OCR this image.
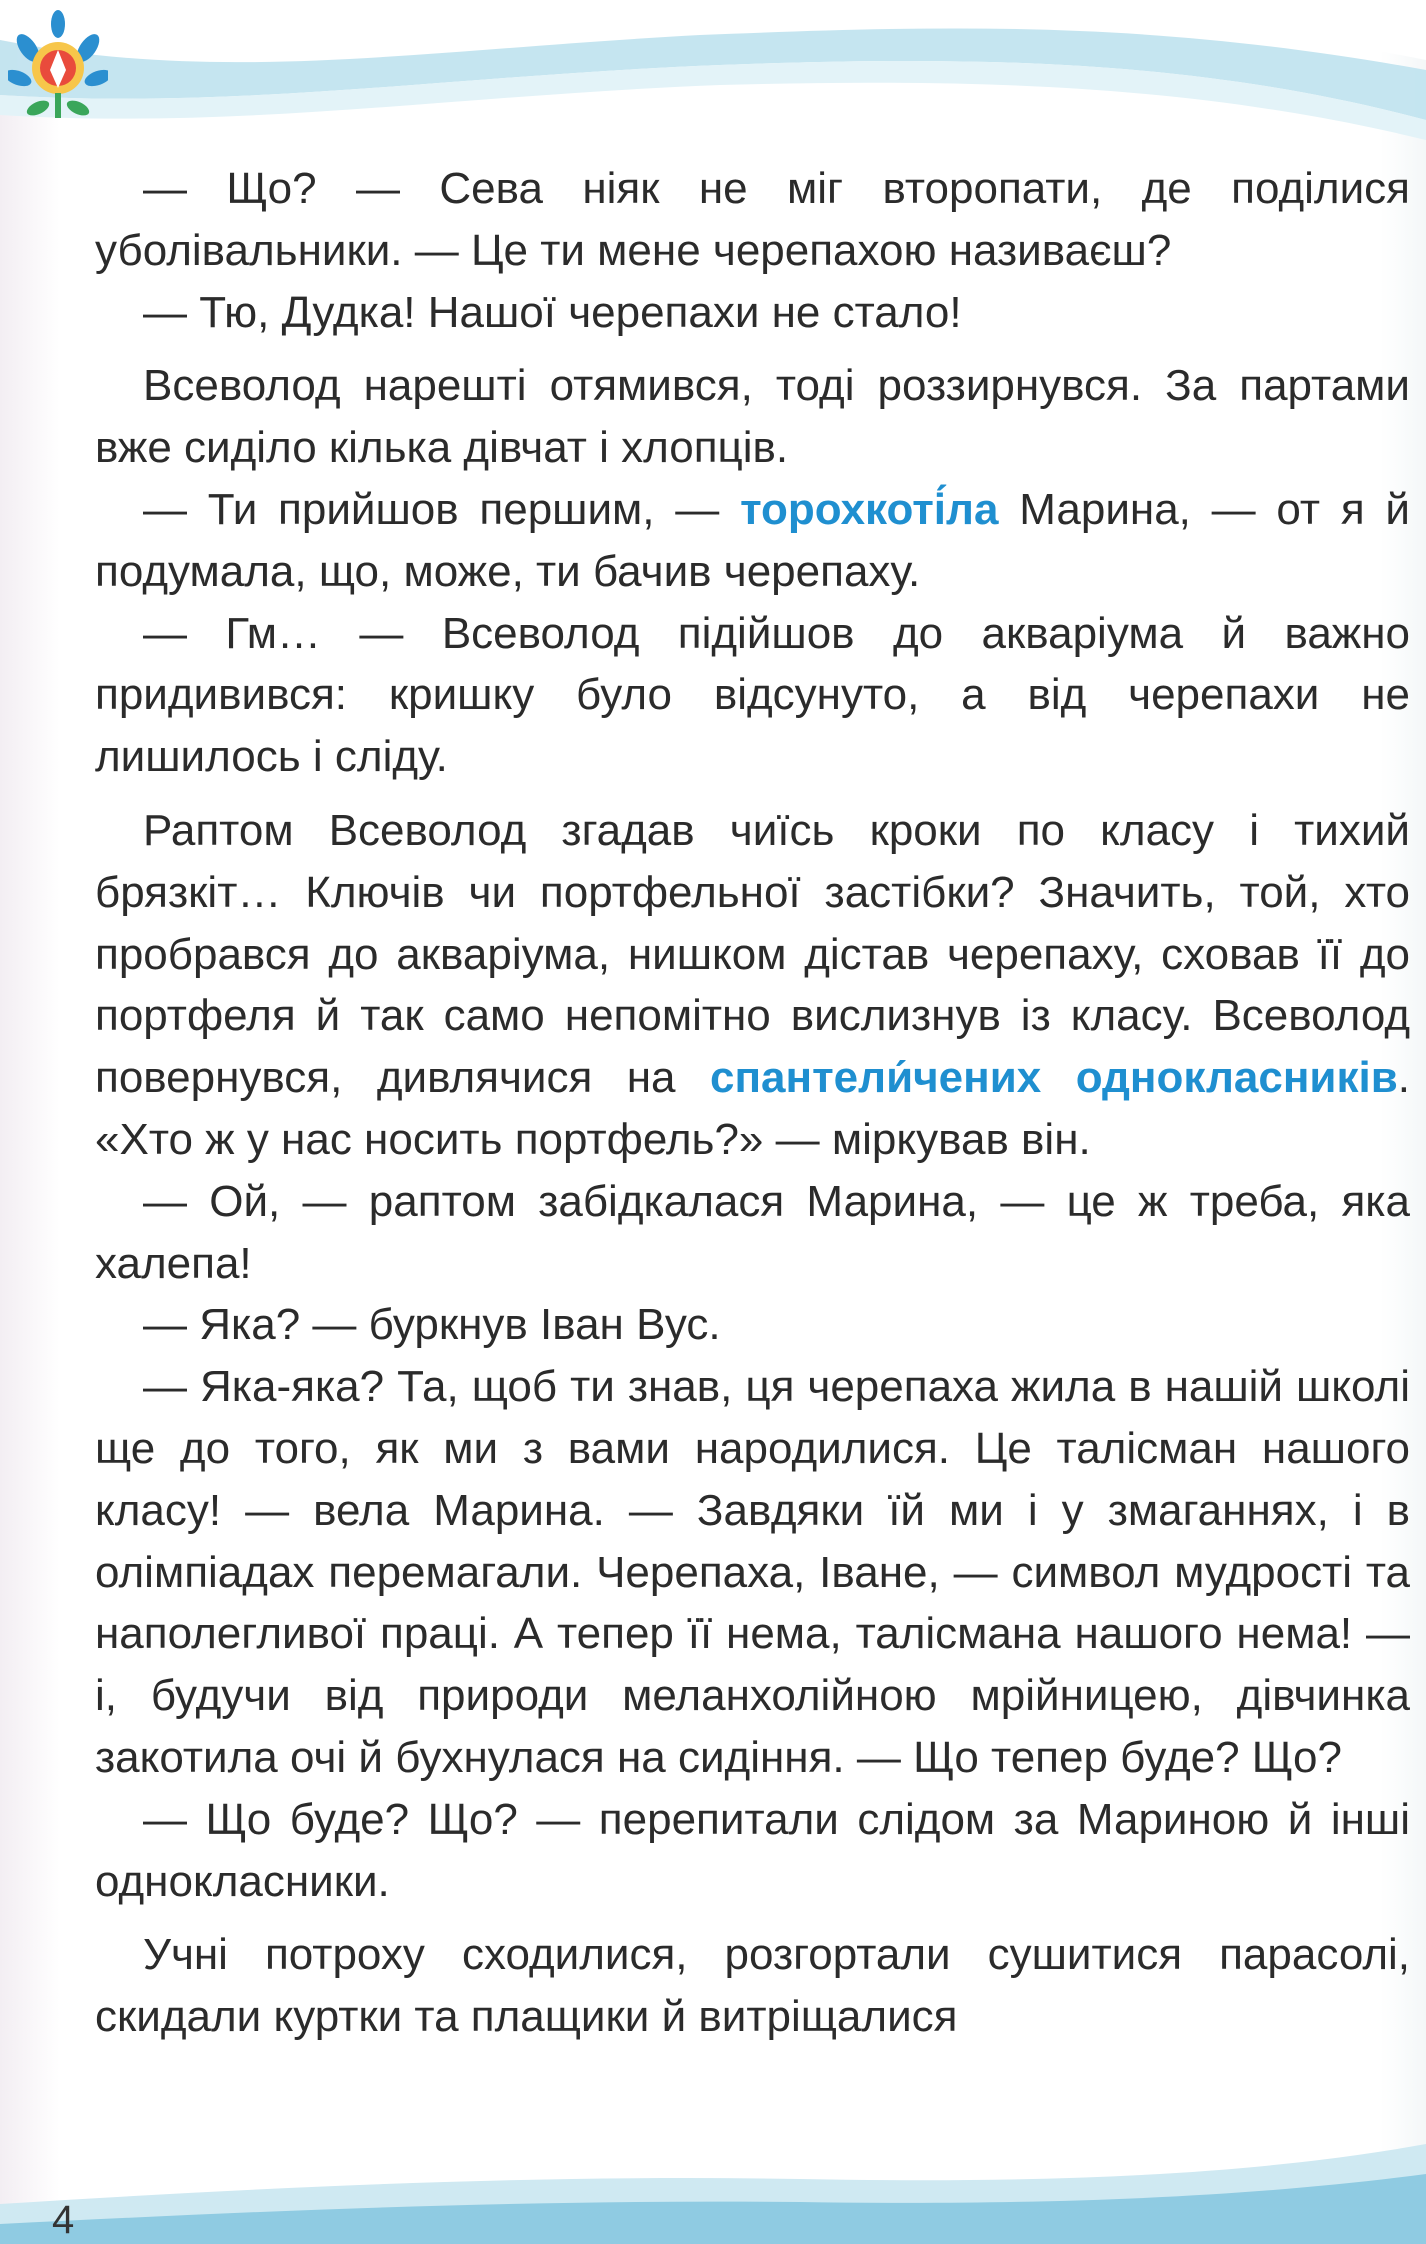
— Що? — Сева ніяк не міг второпати, де поділися уболівальники. — Це ти мене черепахою називаєш?

— Тю, Дудка! Нашої черепахи не стало!

Всеволод нарешті отямився, тоді роззирнувся. За партами вже сиділо кілька дівчат і хлопців.

— Ти прийшов першим, — торохкоті́ла Марина, — от я й подумала, що, може, ти бачив черепаху.

— Гм… — Всеволод підійшов до акваріума й важно придивився: кришку було відсунуто, а від черепахи не лишилось і сліду.

Раптом Всеволод згадав чиїсь кроки по класу і тихий брязкіт… Ключів чи портфельної застібки? Значить, той, хто пробрався до акваріума, нишком дістав черепаху, сховав її до портфеля й так само непомітно вислизнув із класу. Всеволод повернувся, дивлячися на спантели́чених однокласників. «Хто ж у нас носить портфель?» — міркував він.

— Ой, — раптом забідкалася Марина, — це ж треба, яка халепа!

— Яка? — буркнув Іван Вус.

— Яка-яка? Та, щоб ти знав, ця черепаха жила в нашій школі ще до того, як ми з вами народилися. Це талісман нашого класу! — вела Марина. — Завдяки їй ми і у змаганнях, і в олімпіадах перемагали. Черепаха, Іване, — символ мудрості та наполегливої праці. А тепер її нема, талісмана нашого нема! — і, будучи від природи меланхолійною мрійницею, дівчинка закотила очі й бухнулася на сидіння. — Що тепер буде? Що?

— Що буде? Що? — перепитали слідом за Мариною й інші однокласники.

Учні потроху сходилися, розгортали сушитися парасолі, скидали куртки та плащики й витріщалися

4
